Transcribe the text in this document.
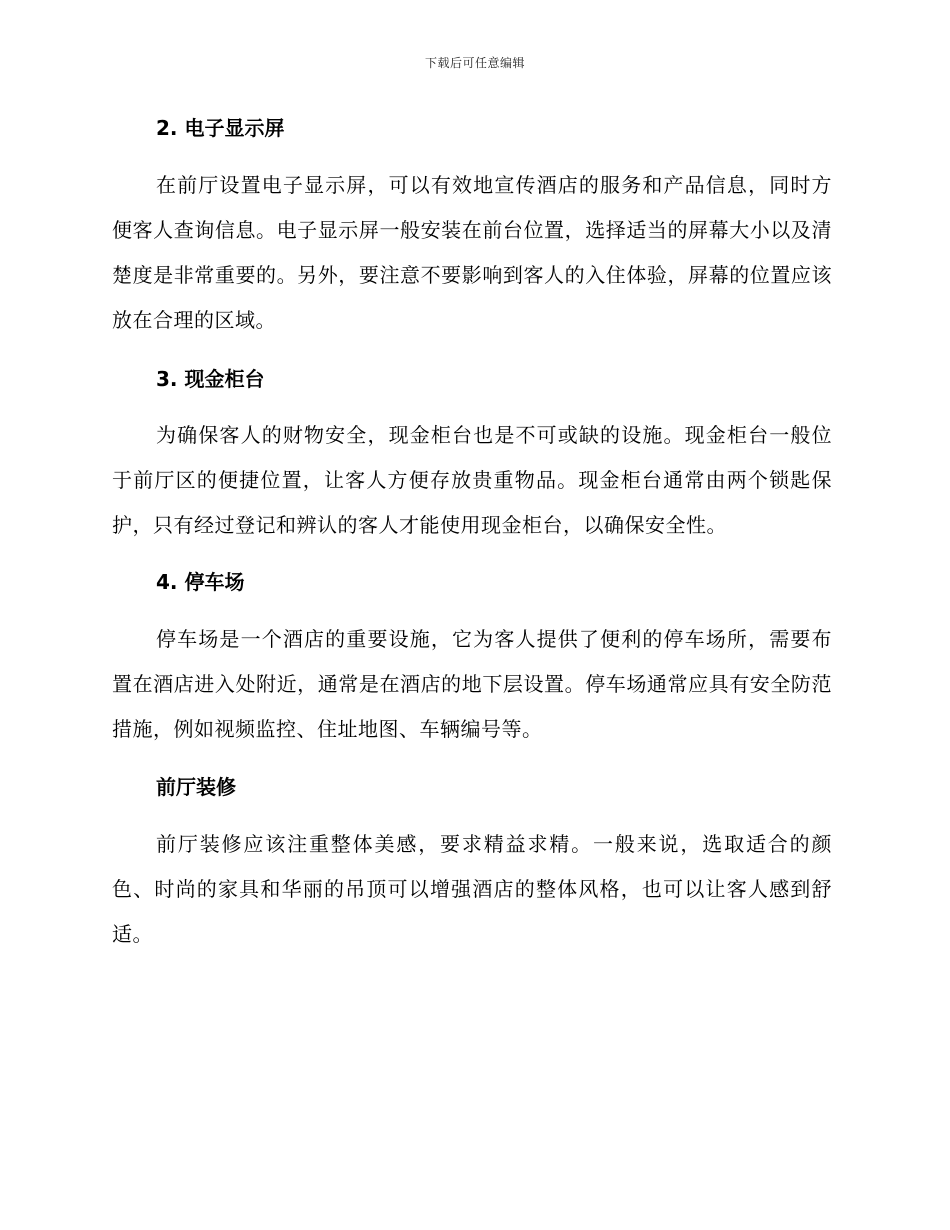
下载后可任意编辑
2. 电子显示屏
在前厅设置电子显示屏，可以有效地宣传酒店的服务和产品信息，同时方便客人查询信息。电子显示屏一般安装在前台位置，选择适当的屏幕大小以及清楚度是非常重要的。另外，要注意不要影响到客人的入住体验，屏幕的位置应该放在合理的区域。
3. 现金柜台
为确保客人的财物安全，现金柜台也是不可或缺的设施。现金柜台一般位于前厅区的便捷位置，让客人方便存放贵重物品。现金柜台通常由两个锁匙保护，只有经过登记和辨认的客人才能使用现金柜台，以确保安全性。
4. 停车场
停车场是一个酒店的重要设施，它为客人提供了便利的停车场所，需要布置在酒店进入处附近，通常是在酒店的地下层设置。停车场通常应具有安全防范措施，例如视频监控、住址地图、车辆编号等。
前厅装修
前厅装修应该注重整体美感，要求精益求精。一般来说，选取适合的颜色、时尚的家具和华丽的吊顶可以增强酒店的整体风格，也可以让客人感到舒适。
